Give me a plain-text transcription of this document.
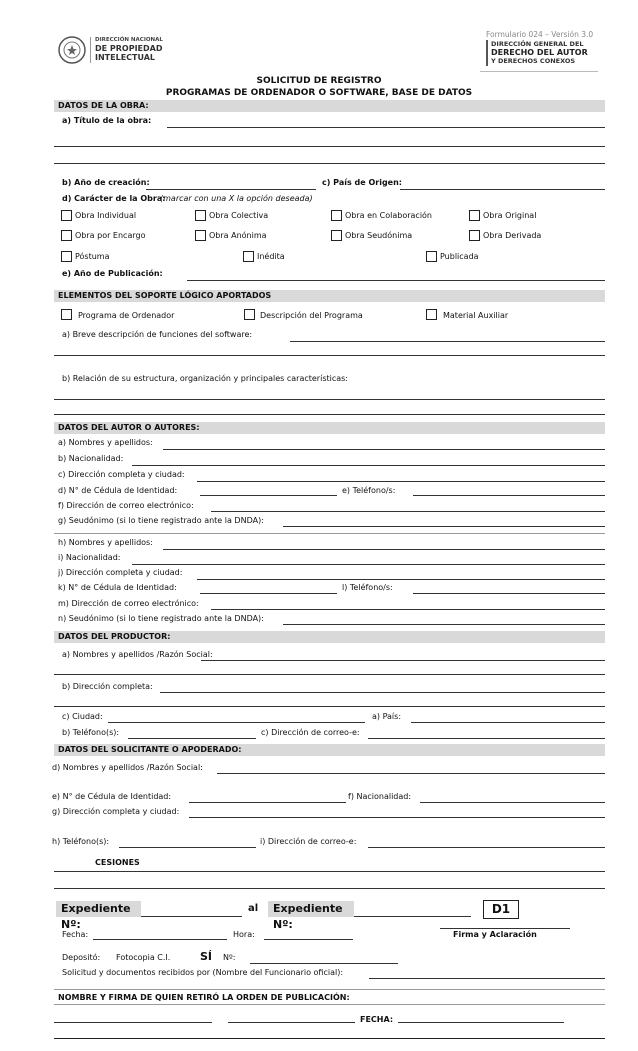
Formulario 024 – Versión 3.0
DIRECCIÓN NACIONAL
DE PROPIEDAD
INTELECTUAL
DIRECCIÓN GENERAL DEL
DERECHO DEL AUTOR
Y DERECHOS CONEXOS
SOLICITUD DE REGISTRO
PROGRAMAS DE ORDENADOR O SOFTWARE, BASE DE DATOS
DATOS DE LA OBRA:
a) Título de la obra:
b) Año de creación:	c) País de Origen:
d) Carácter de la Obra:
(marcar con una X la opción deseada)
Obra Individual	Obra Colectiva	Obra en Colaboración	Obra Original
Obra por Encargo	Obra Anónima	Obra Seudónima	Obra Derivada
Póstuma	Inédita	Publicada
e) Año de Publicación:
ELEMENTOS DEL SOPORTE LÓGICO APORTADOS
Programa de Ordenador	Descripción del Programa	Material Auxiliar
a) Breve descripción de funciones del software:
b) Relación de su estructura, organización y principales características:
DATOS DEL AUTOR O AUTORES:
a) Nombres y apellidos:
b) Nacionalidad:
c) Dirección completa y ciudad:
d) N° de Cédula de Identidad:	e) Teléfono/s:
f) Dirección de correo electrónico:
g) Seudónimo (si lo tiene registrado ante la DNDA):
h) Nombres y apellidos:
i) Nacionalidad:
j) Dirección completa y ciudad:
k) N° de Cédula de Identidad:	l) Teléfono/s:
m) Dirección de correo electrónico:
n) Seudónimo (si lo tiene registrado ante la DNDA):
DATOS DEL PRODUCTOR:
a) Nombres y apellidos /Razón Social:
b) Dirección completa:
c) Ciudad:	a) País:
b) Teléfono(s):	c) Dirección de correo-e:
DATOS DEL SOLICITANTE O APODERADO:
d) Nombres y apellidos /Razón Social:
e) N° de Cédula de Identidad:	f) Nacionalidad:
g) Dirección completa y ciudad:
h) Teléfono(s):	i) Dirección de correo-e:
CESIONES
Expediente Nº:
al	Expediente Nº:
D1
Fecha:	Hora:	Firma y Aclaración
Depositó: Fotocopia C.I.	SÍ Nº:
Solicitud y documentos recibidos por (Nombre del Funcionario oficial):
NOMBRE Y FIRMA DE QUIEN RETIRÓ LA ORDEN DE PUBLICACIÓN:
FECHA:
